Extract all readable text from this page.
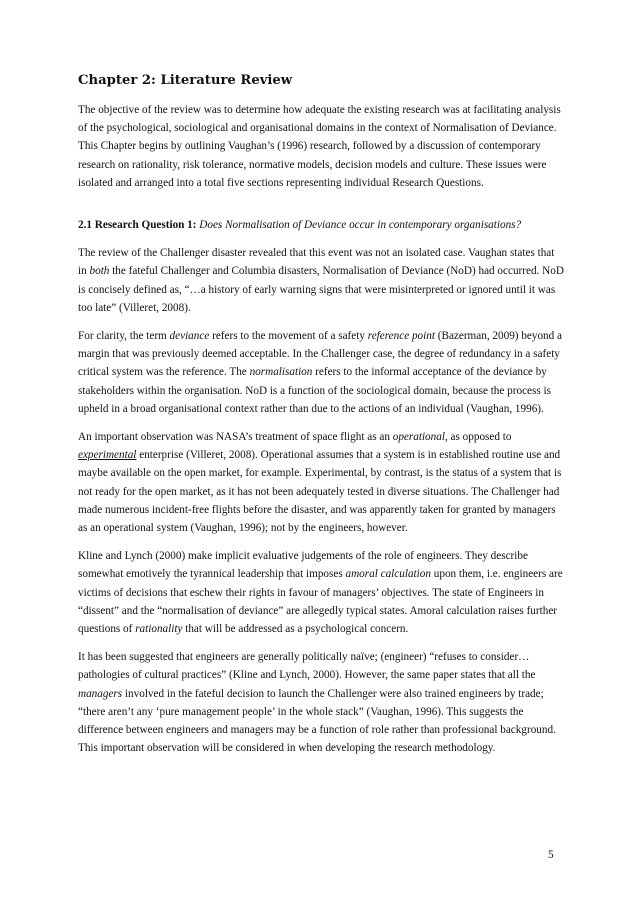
Chapter 2: Literature Review

The objective of the review was to determine how adequate the existing research was at facilitating analysis of the psychological, sociological and organisational domains in the context of Normalisation of Deviance. This Chapter begins by outlining Vaughan’s (1996) research, followed by a discussion of contemporary research on rationality, risk tolerance, normative models, decision models and culture. These issues were isolated and arranged into a total five sections representing individual Research Questions.

2.1 Research Question 1: Does Normalisation of Deviance occur in contemporary organisations?

The review of the Challenger disaster revealed that this event was not an isolated case. Vaughan states that in both the fateful Challenger and Columbia disasters, Normalisation of Deviance (NoD) had occurred. NoD is concisely defined as, “…a history of early warning signs that were misinterpreted or ignored until it was too late” (Villeret, 2008).

For clarity, the term deviance refers to the movement of a safety reference point (Bazerman, 2009) beyond a margin that was previously deemed acceptable. In the Challenger case, the degree of redundancy in a safety critical system was the reference. The normalisation refers to the informal acceptance of the deviance by stakeholders within the organisation. NoD is a function of the sociological domain, because the process is upheld in a broad organisational context rather than due to the actions of an individual (Vaughan, 1996).

An important observation was NASA’s treatment of space flight as an operational, as opposed to experimental enterprise (Villeret, 2008). Operational assumes that a system is in established routine use and maybe available on the open market, for example. Experimental, by contrast, is the status of a system that is not ready for the open market, as it has not been adequately tested in diverse situations. The Challenger had made numerous incident-free flights before the disaster, and was apparently taken for granted by managers as an operational system (Vaughan, 1996); not by the engineers, however.

Kline and Lynch (2000) make implicit evaluative judgements of the role of engineers. They describe somewhat emotively the tyrannical leadership that imposes amoral calculation upon them, i.e. engineers are victims of decisions that eschew their rights in favour of managers’ objectives. The state of Engineers in “dissent” and the “normalisation of deviance” are allegedly typical states. Amoral calculation raises further questions of rationality that will be addressed as a psychological concern.

It has been suggested that engineers are generally politically naïve; (engineer) “refuses to consider…pathologies of cultural practices” (Kline and Lynch, 2000). However, the same paper states that all the managers involved in the fateful decision to launch the Challenger were also trained engineers by trade; “there aren’t any ‘pure management people’ in the whole stack” (Vaughan, 1996). This suggests the difference between engineers and managers may be a function of role rather than professional background. This important observation will be considered in when developing the research methodology.

5
